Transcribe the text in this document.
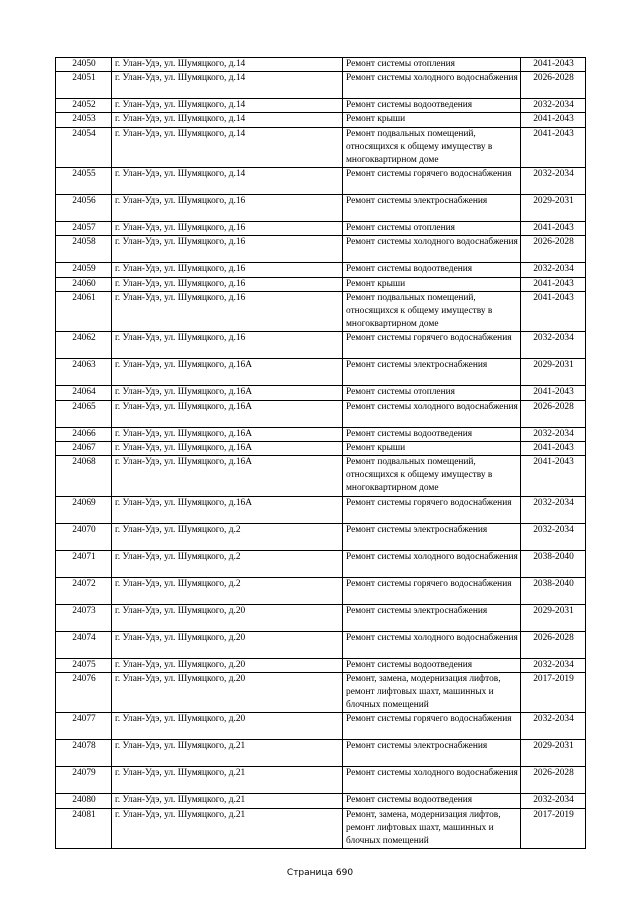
24050	г. Улан-Удэ, ул. Шумяцкого, д.14	Ремонт системы отопления	2041-2043
24051	г. Улан-Удэ, ул. Шумяцкого, д.14	Ремонт системы холодного водоснабжения	2026-2028
24052	г. Улан-Удэ, ул. Шумяцкого, д.14	Ремонт системы водоотведения	2032-2034
24053	г. Улан-Удэ, ул. Шумяцкого, д.14	Ремонт крыши	2041-2043
24054	г. Улан-Удэ, ул. Шумяцкого, д.14	Ремонт подвальных помещений, относящихся к общему имуществу в многоквартирном доме	2041-2043
24055	г. Улан-Удэ, ул. Шумяцкого, д.14	Ремонт системы горячего водоснабжения	2032-2034
24056	г. Улан-Удэ, ул. Шумяцкого, д.16	Ремонт системы электроснабжения	2029-2031
24057	г. Улан-Удэ, ул. Шумяцкого, д.16	Ремонт системы отопления	2041-2043
24058	г. Улан-Удэ, ул. Шумяцкого, д.16	Ремонт системы холодного водоснабжения	2026-2028
24059	г. Улан-Удэ, ул. Шумяцкого, д.16	Ремонт системы водоотведения	2032-2034
24060	г. Улан-Удэ, ул. Шумяцкого, д.16	Ремонт крыши	2041-2043
24061	г. Улан-Удэ, ул. Шумяцкого, д.16	Ремонт подвальных помещений, относящихся к общему имуществу в многоквартирном доме	2041-2043
24062	г. Улан-Удэ, ул. Шумяцкого, д.16	Ремонт системы горячего водоснабжения	2032-2034
24063	г. Улан-Удэ, ул. Шумяцкого, д.16А	Ремонт системы электроснабжения	2029-2031
24064	г. Улан-Удэ, ул. Шумяцкого, д.16А	Ремонт системы отопления	2041-2043
24065	г. Улан-Удэ, ул. Шумяцкого, д.16А	Ремонт системы холодного водоснабжения	2026-2028
24066	г. Улан-Удэ, ул. Шумяцкого, д.16А	Ремонт системы водоотведения	2032-2034
24067	г. Улан-Удэ, ул. Шумяцкого, д.16А	Ремонт крыши	2041-2043
24068	г. Улан-Удэ, ул. Шумяцкого, д.16А	Ремонт подвальных помещений, относящихся к общему имуществу в многоквартирном доме	2041-2043
24069	г. Улан-Удэ, ул. Шумяцкого, д.16А	Ремонт системы горячего водоснабжения	2032-2034
24070	г. Улан-Удэ, ул. Шумяцкого, д.2	Ремонт системы электроснабжения	2032-2034
24071	г. Улан-Удэ, ул. Шумяцкого, д.2	Ремонт системы холодного водоснабжения	2038-2040
24072	г. Улан-Удэ, ул. Шумяцкого, д.2	Ремонт системы горячего водоснабжения	2038-2040
24073	г. Улан-Удэ, ул. Шумяцкого, д.20	Ремонт системы электроснабжения	2029-2031
24074	г. Улан-Удэ, ул. Шумяцкого, д.20	Ремонт системы холодного водоснабжения	2026-2028
24075	г. Улан-Удэ, ул. Шумяцкого, д.20	Ремонт системы водоотведения	2032-2034
24076	г. Улан-Удэ, ул. Шумяцкого, д.20	Ремонт, замена, модернизация лифтов, ремонт лифтовых шахт, машинных и блочных помещений	2017-2019
24077	г. Улан-Удэ, ул. Шумяцкого, д.20	Ремонт системы горячего водоснабжения	2032-2034
24078	г. Улан-Удэ, ул. Шумяцкого, д.21	Ремонт системы электроснабжения	2029-2031
24079	г. Улан-Удэ, ул. Шумяцкого, д.21	Ремонт системы холодного водоснабжения	2026-2028
24080	г. Улан-Удэ, ул. Шумяцкого, д.21	Ремонт системы водоотведения	2032-2034
24081	г. Улан-Удэ, ул. Шумяцкого, д.21	Ремонт, замена, модернизация лифтов, ремонт лифтовых шахт, машинных и блочных помещений	2017-2019
Страница 690
